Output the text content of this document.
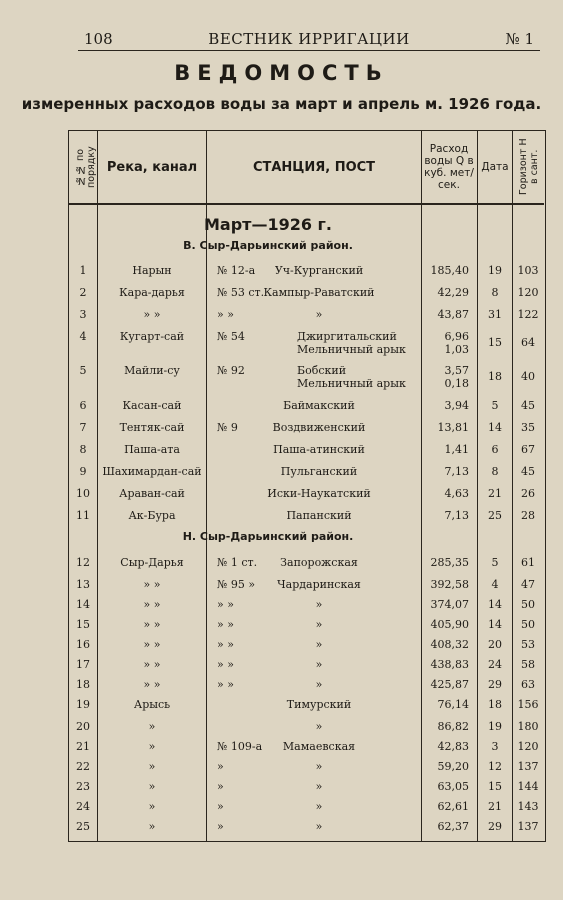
108	ВЕСТНИК ИРРИГАЦИИ	№ 1
ВЕДОМОСТЬ
измеренных расходов воды за март и апрель м. 1926 года.
№№ по порядку Река, канал	СТАНЦИЯ, ПОСТ
Расход воды Q в куб. мет/сек.
Дата Горизонт Н в сант.
Март—1926 г.
В. Сыр-Дарьинский район.
Н. Сыр-Дарьинский район.
1	Нарын	№ 12-а	Уч-Курганский	185,40	19	103
2	Кара-дарья	№ 53 ст. Кампыр-Раватский	42,29	8	120
3	» »	» »	»	43,87	31	122
4	Кугарт-сай	№ 54	Джиргитальский	6,96	15	64
Мельничный арык	1,03
5	Майли-су	№ 92	Бобский	3,57	18	40
Мельничный арык	0,18
6	Касан-сай	Баймакский	3,94	5	45
7	Тентяк-сай	№ 9	Воздвиженский	13,81	14	35
8	Паша-ата	Паша-атинский	1,41	6	67
9	Шахимардан-сай	Пульганский	7,13	8	45
10	Араван-сай	Иски-Наукатский	4,63	21	26
11	Ак-Бура	Папанский	7,13	25	28
12	Сыр-Дарья	№ 1 ст.	Запорожская	285,35	5	61
13	» »	№ 95 »	Чардаринская	392,58	4	47
14	» »	» »	»	374,07	14	50
15	» »	» »	»	405,90	14	50
16	» »	» »	»	408,32	20	53
17	» »	» »	»	438,83	24	58
18	» »	» »	»	425,87	29	63
19	Арысь	Тимурский	76,14	18	156
20	»	»	86,82	19	180
21	»	№ 109-а	Мамаевская	42,83	3	120
22	»	»	»	59,20	12	137
23	»	»	»	63,05	15	144
24	»	»	»	62,61	21	143
25	»	»	»	62,37	29	137
